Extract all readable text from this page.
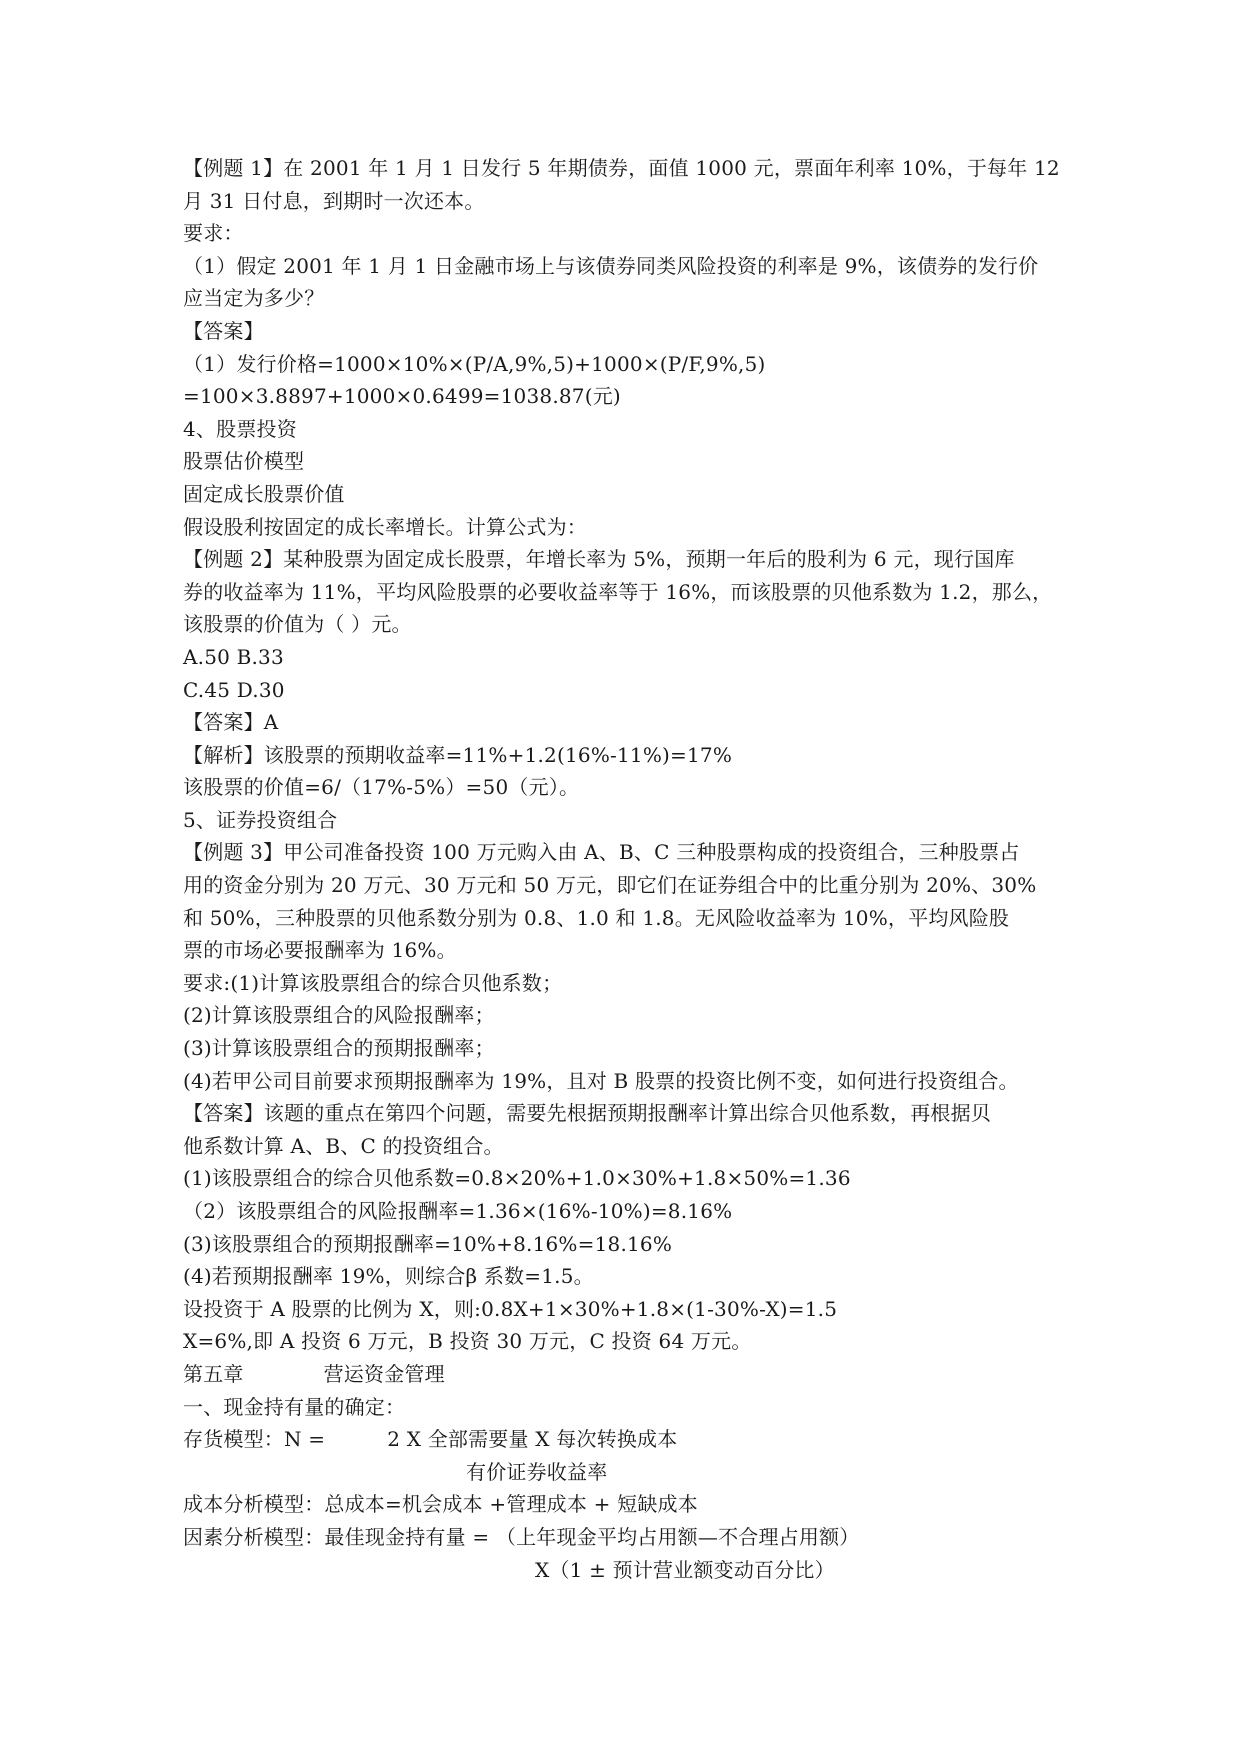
【例题 1】在 2001 年 1 月 1 日发行 5 年期债券，面值 1000 元，票面年利率 10%，于每年 12
月 31 日付息，到期时一次还本。
要求：
（1）假定 2001 年 1 月 1 日金融市场上与该债券同类风险投资的利率是 9%，该债券的发行价
应当定为多少？
【答案】
（1）发行价格=1000×10%×(P/A,9%,5)+1000×(P/F,9%,5)
=100×3.8897+1000×0.6499=1038.87(元)
4、股票投资
股票估价模型
固定成长股票价值
假设股利按固定的成长率增长。计算公式为：
【例题 2】某种股票为固定成长股票，年增长率为 5%，预期一年后的股利为 6 元，现行国库
券的收益率为 11%，平均风险股票的必要收益率等于 16%，而该股票的贝他系数为 1.2，那么，
该股票的价值为（ ）元。
A.50 B.33
C.45 D.30
【答案】A
【解析】该股票的预期收益率=11%+1.2(16%-11%)=17%
该股票的价值=6/（17%-5%）=50（元）。
5、证券投资组合
【例题 3】甲公司准备投资 100 万元购入由 A、B、C 三种股票构成的投资组合，三种股票占
用的资金分别为 20 万元、30 万元和 50 万元，即它们在证券组合中的比重分别为 20%、30%
和 50%，三种股票的贝他系数分别为 0.8、1.0 和 1.8。无风险收益率为 10%，平均风险股
票的市场必要报酬率为 16%。
要求:(1)计算该股票组合的综合贝他系数；
(2)计算该股票组合的风险报酬率；
(3)计算该股票组合的预期报酬率；
(4)若甲公司目前要求预期报酬率为 19%，且对 B 股票的投资比例不变，如何进行投资组合。
【答案】该题的重点在第四个问题，需要先根据预期报酬率计算出综合贝他系数，再根据贝
他系数计算 A、B、C 的投资组合。
(1)该股票组合的综合贝他系数=0.8×20%+1.0×30%+1.8×50%=1.36
（2）该股票组合的风险报酬率=1.36×(16%-10%)=8.16%
(3)该股票组合的预期报酬率=10%+8.16%=18.16%
(4)若预期报酬率 19%，则综合β 系数=1.5。
设投资于 A 股票的比例为 X，则:0.8X+1×30%+1.8×(1-30%-X)=1.5
X=6%,即 A 投资 6 万元，B 投资 30 万元，C 投资 64 万元。
第五章	营运资金管理
一、现金持有量的确定：
存货模型：N =	2 X 全部需要量 X 每次转换成本
有价证券收益率
成本分析模型：总成本=机会成本 +管理成本 + 短缺成本
因素分析模型：最佳现金持有量 = （上年现金平均占用额—不合理占用额）
X（1 ± 预计营业额变动百分比）
